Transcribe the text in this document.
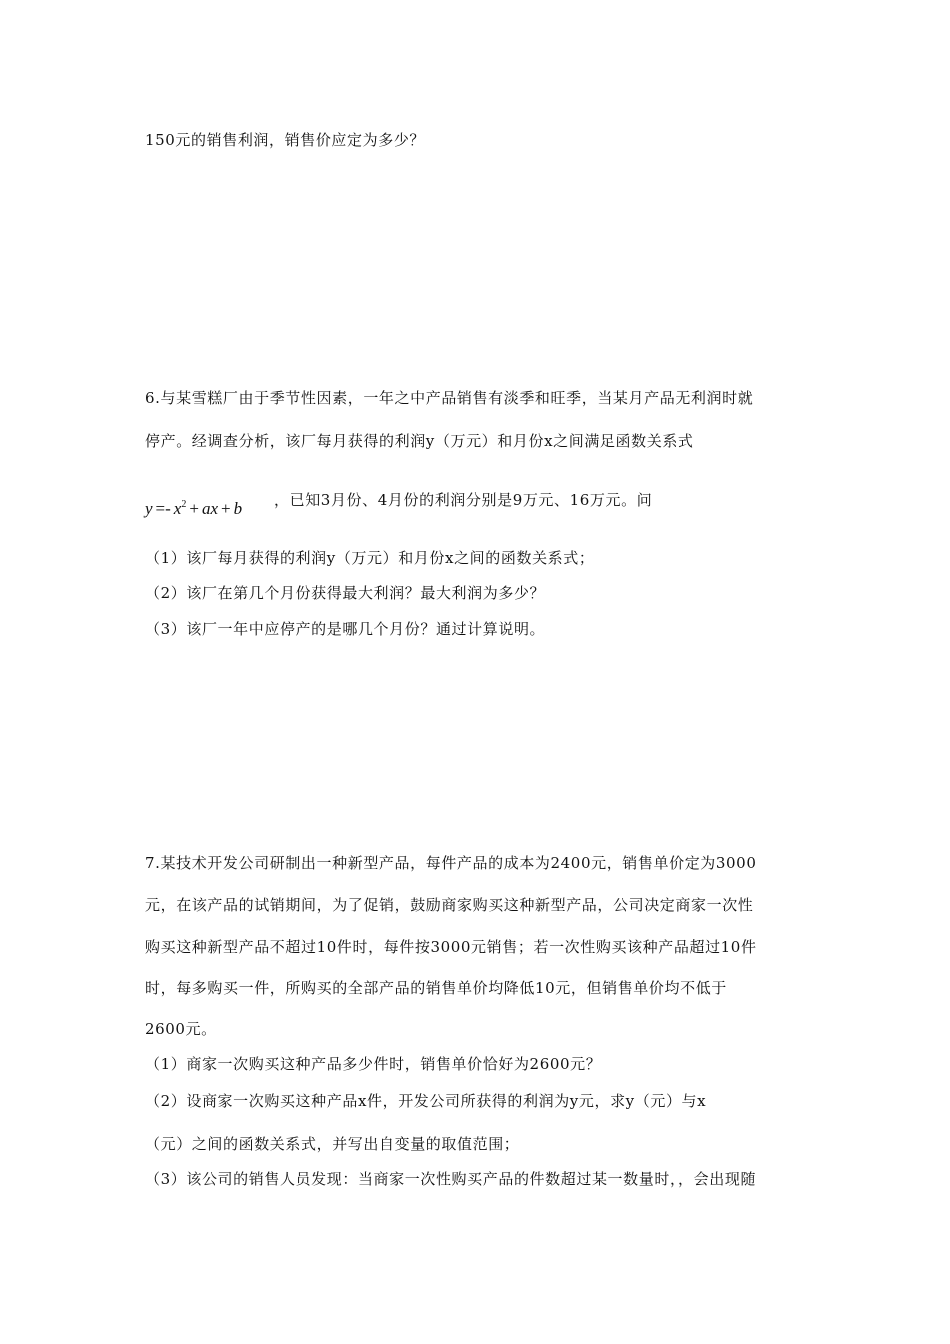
150元的销售利润，销售价应定为多少？
6.与某雪糕厂由于季节性因素，一年之中产品销售有淡季和旺季，当某月产品无利润时就
停产。经调查分析，该厂每月获得的利润y（万元）和月份x之间满足函数关系式
$y =- x^2$ + ax + b ，已知3月份、4月份的利润分别是9万元、16万元。问
（1）该厂每月获得的利润y（万元）和月份x之间的函数关系式；
（2）该厂在第几个月份获得最大利润？最大利润为多少？
（3）该厂一年中应停产的是哪几个月份？通过计算说明。
7.某技术开发公司研制出一种新型产品，每件产品的成本为2400元，销售单价定为3000
元，在该产品的试销期间，为了促销，鼓励商家购买这种新型产品，公司决定商家一次性
购买这种新型产品不超过10件时，每件按3000元销售；若一次性购买该种产品超过10件
时，每多购买一件，所购买的全部产品的销售单价均降低10元，但销售单价均不低于
2600元。
（1）商家一次购买这种产品多少件时，销售单价恰好为2600元？
（2）设商家一次购买这种产品x件，开发公司所获得的利润为y元，求y（元）与x
（元）之间的函数关系式，并写出自变量的取值范围；
（3）该公司的销售人员发现：当商家一次性购买产品的件数超过某一数量时，，会出现随
